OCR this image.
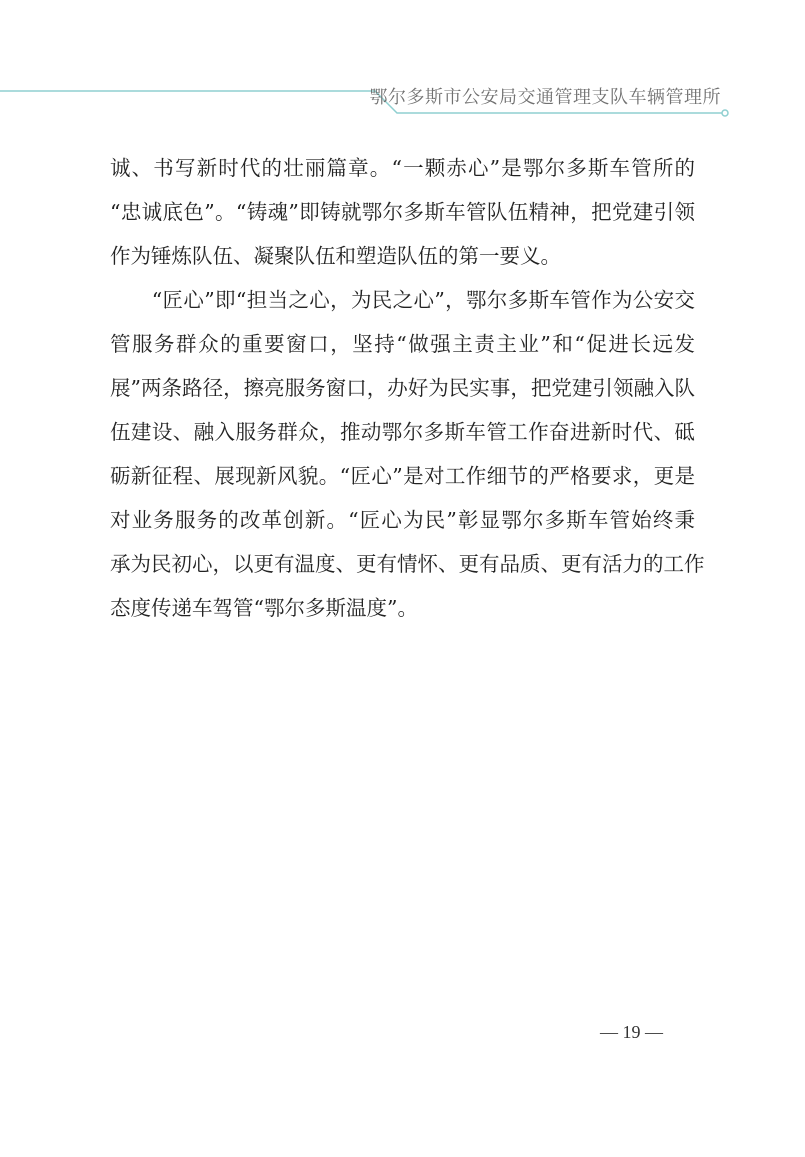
鄂尔多斯市公安局交通管理支队车辆管理所
诚、书写新时代的壮丽篇章。“一颗赤心”是鄂尔多斯车管所的
“忠诚底色”。“铸魂”即铸就鄂尔多斯车管队伍精神，把党建引领
作为锤炼队伍、凝聚队伍和塑造队伍的第一要义。
　　“匠心”即“担当之心，为民之心”，鄂尔多斯车管作为公安交
管服务群众的重要窗口，坚持“做强主责主业”和“促进长远发
展”两条路径，擦亮服务窗口，办好为民实事，把党建引领融入队
伍建设、融入服务群众，推动鄂尔多斯车管工作奋进新时代、砥
砺新征程、展现新风貌。“匠心”是对工作细节的严格要求，更是
对业务服务的改革创新。“匠心为民”彰显鄂尔多斯车管始终秉
承为民初心，以更有温度、更有情怀、更有品质、更有活力的工作
态度传递车驾管“鄂尔多斯温度”。
— 19 —
